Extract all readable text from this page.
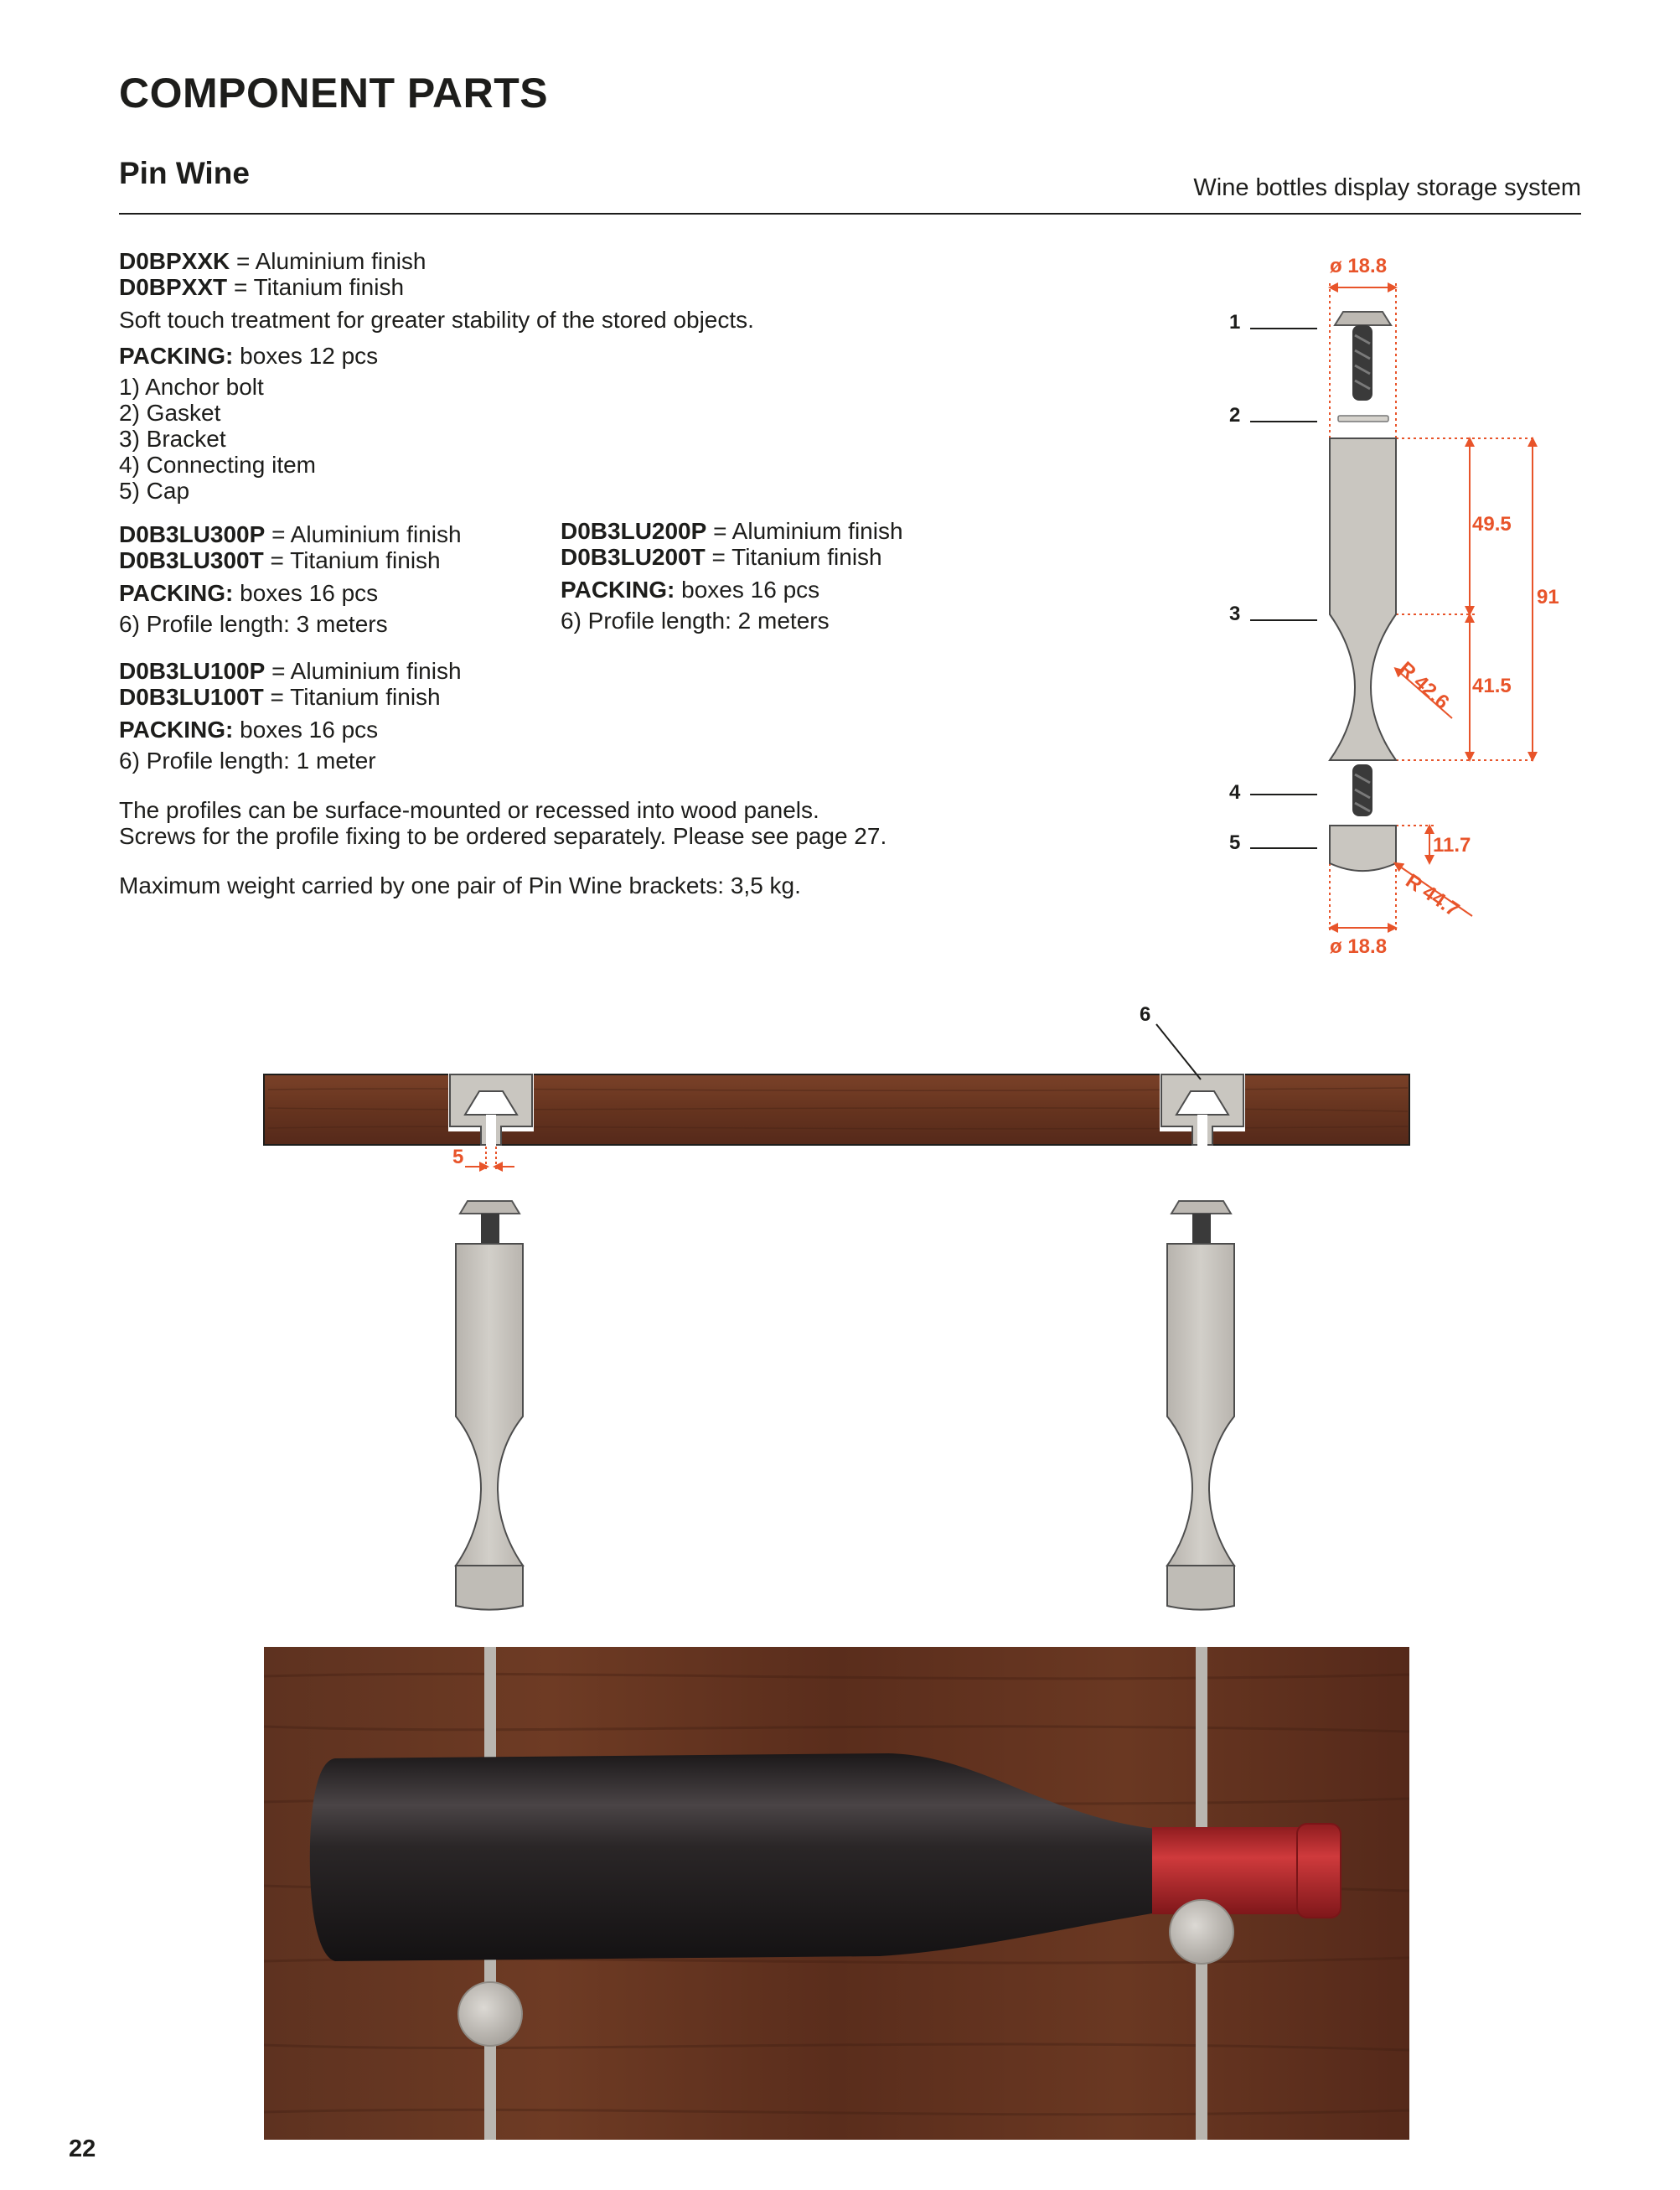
COMPONENT PARTS
Pin Wine	Wine bottles display storage system

D0BPXXK = Aluminium finish

D0BPXXT = Titanium finish

Soft touch treatment for greater stability of the stored objects.

PACKING: boxes 12 pcs

1) Anchor bolt

2) Gasket

3) Bracket

4) Connecting item

5) Cap

D0B3LU300P = Aluminium finish

D0B3LU300T = Titanium finish

PACKING: boxes 16 pcs

6) Profile length: 3 meters

D0B3LU200P = Aluminium finish

D0B3LU200T = Titanium finish

PACKING: boxes 16 pcs

6) Profile length: 2 meters

D0B3LU100P = Aluminium finish

D0B3LU100T = Titanium finish

PACKING: boxes 16 pcs

6) Profile length: 1 meter

The profiles can be surface-mounted or recessed into wood panels.

Screws for the profile fixing to be ordered separately. Please see page 27.

Maximum weight carried by one pair of Pin Wine brackets: 3,5 kg.

1
2
3
4
5
ø 18.8
49.5
41.5
91
11.7
ø 18.8
R 42.6
R 44.7
5
6
22
